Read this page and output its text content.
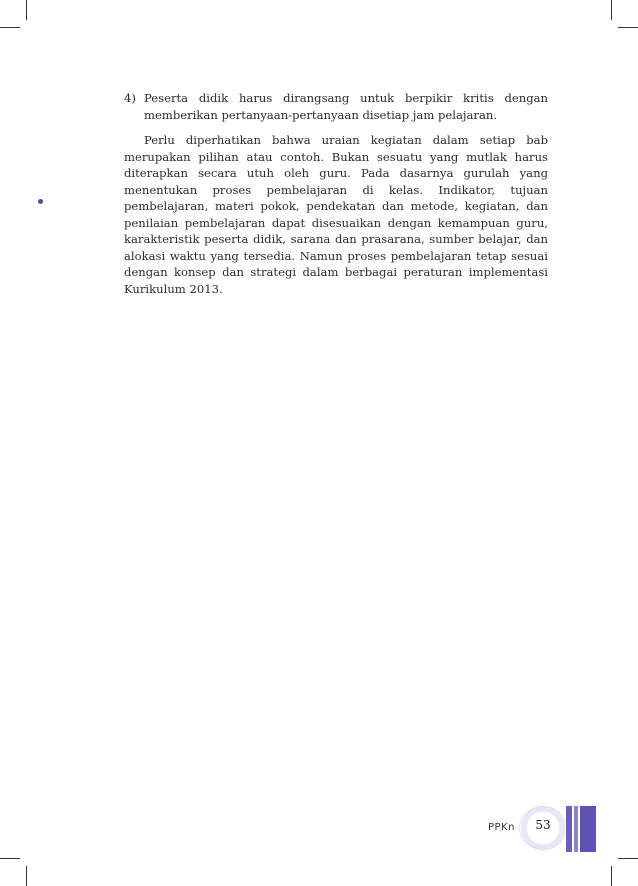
4) Peserta didik harus dirangsang untuk berpikir kritis dengan memberikan pertanyaan-pertanyaan disetiap jam pelajaran.

Perlu diperhatikan bahwa uraian kegiatan dalam setiap bab merupakan pilihan atau contoh. Bukan sesuatu yang mutlak harus diterapkan secara utuh oleh guru. Pada dasarnya gurulah yang menentukan proses pembelajaran di kelas. Indikator, tujuan pembelajaran, materi pokok, pendekatan dan metode, kegiatan, dan penilaian pembelajaran dapat disesuaikan dengan kemampuan guru, karakteristik peserta didik, sarana dan prasarana, sumber belajar, dan alokasi waktu yang tersedia. Namun proses pembelajaran tetap sesuai dengan konsep dan strategi dalam berbagai peraturan implementasi Kurikulum 2013.

PPKn	53
